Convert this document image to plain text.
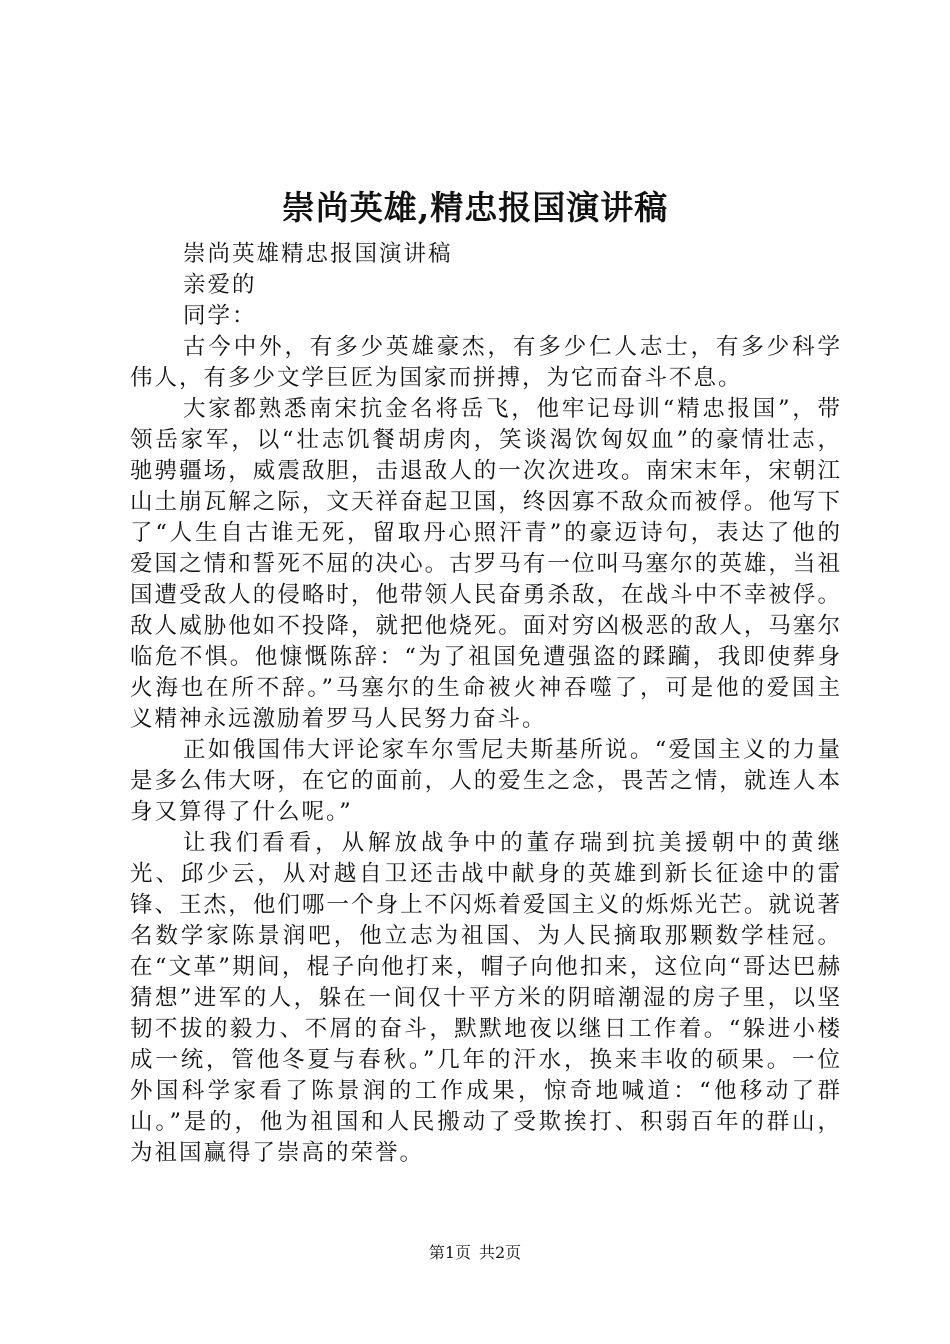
崇尚英雄,精忠报国演讲稿

崇尚英雄精忠报国演讲稿

亲爱的

同学：

古今中外，有多少英雄豪杰，有多少仁人志士，有多少科学伟人，有多少文学巨匠为国家而拼搏，为它而奋斗不息。

大家都熟悉南宋抗金名将岳飞，他牢记母训“精忠报国”，带领岳家军，以“壮志饥餐胡虏肉，笑谈渴饮匈奴血”的豪情壮志，驰骋疆场，威震敌胆，击退敌人的一次次进攻。南宋末年，宋朝江山土崩瓦解之际，文天祥奋起卫国，终因寡不敌众而被俘。他写下了“人生自古谁无死，留取丹心照汗青”的豪迈诗句，表达了他的爱国之情和誓死不屈的决心。古罗马有一位叫马塞尔的英雄，当祖国遭受敌人的侵略时，他带领人民奋勇杀敌，在战斗中不幸被俘。敌人威胁他如不投降，就把他烧死。面对穷凶极恶的敌人，马塞尔临危不惧。他慷慨陈辞：“为了祖国免遭强盗的蹂躏，我即使葬身火海也在所不辞。”马塞尔的生命被火神吞噬了，可是他的爱国主义精神永远激励着罗马人民努力奋斗。

正如俄国伟大评论家车尔雪尼夫斯基所说。“爱国主义的力量是多么伟大呀，在它的面前，人的爱生之念，畏苦之情，就连人本身又算得了什么呢。”

让我们看看，从解放战争中的董存瑞到抗美援朝中的黄继光、邱少云，从对越自卫还击战中献身的英雄到新长征途中的雷锋、王杰，他们哪一个身上不闪烁着爱国主义的烁烁光芒。就说著名数学家陈景润吧，他立志为祖国、为人民摘取那颗数学桂冠。在“文革”期间，棍子向他打来，帽子向他扣来，这位向“哥达巴赫猜想”进军的人，躲在一间仅十平方米的阴暗潮湿的房子里，以坚韧不拔的毅力、不屑的奋斗，默默地夜以继日工作着。“躲进小楼成一统，管他冬夏与春秋。”几年的汗水，换来丰收的硕果。一位外国科学家看了陈景润的工作成果，惊奇地喊道：“他移动了群山。”是的，他为祖国和人民搬动了受欺挨打、积弱百年的群山，为祖国赢得了崇高的荣誉。

第1页 共2页
